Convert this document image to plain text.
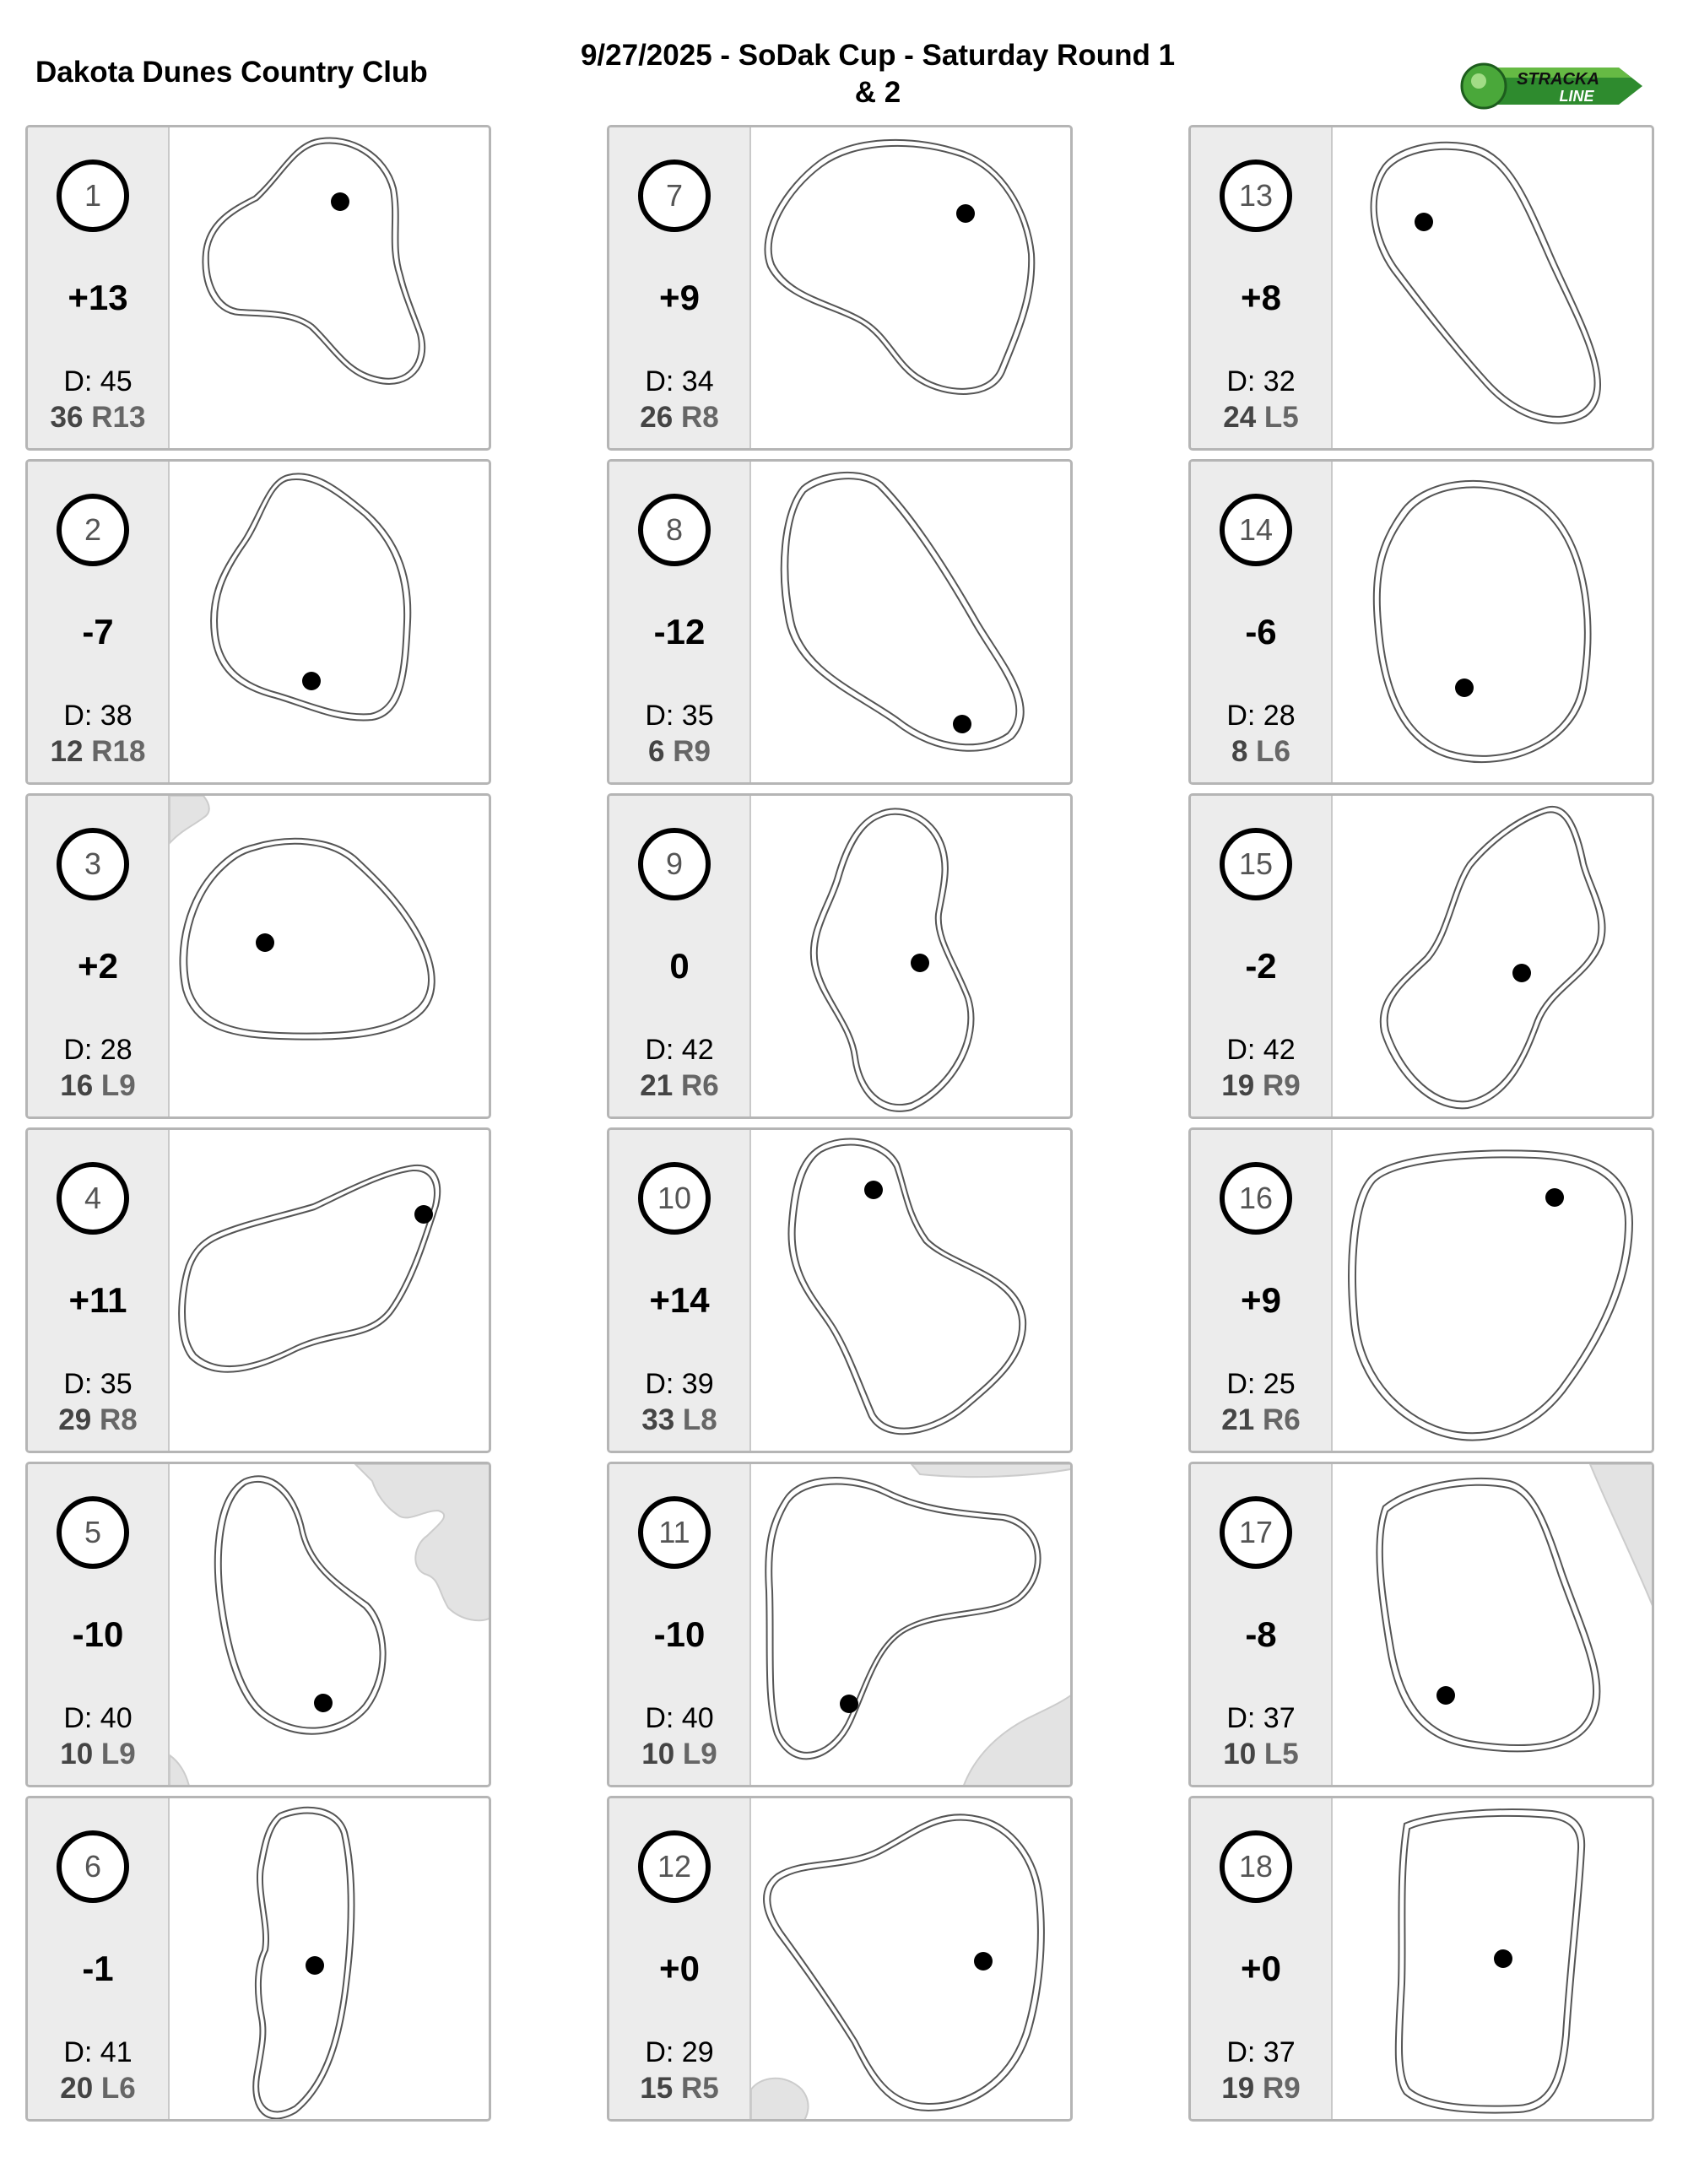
Dakota Dunes Country Club
9/27/2025 - SoDak Cup - Saturday Round 1
& 2	STRACKA
LINE
1
+13
D: 45
36 R13
2
-7
D: 38
12 R18
3
+2
D: 28
16 L9
4
+11
D: 35
29 R8
5
-10
D: 40
10 L9
6
-1
D: 41
20 L6
7
+9
D: 34
26 R8
8
-12
D: 35
6 R9
9
0
D: 42
21 R6
10
+14
D: 39
33 L8
11
-10
D: 40
10 L9
12
+0
D: 29
15 R5
13
+8
D: 32
24 L5
14
-6
D: 28
8 L6
15
-2
D: 42
19 R9
16
+9
D: 25
21 R6
17
-8
D: 37
10 L5
18
+0
D: 37
19 R9
